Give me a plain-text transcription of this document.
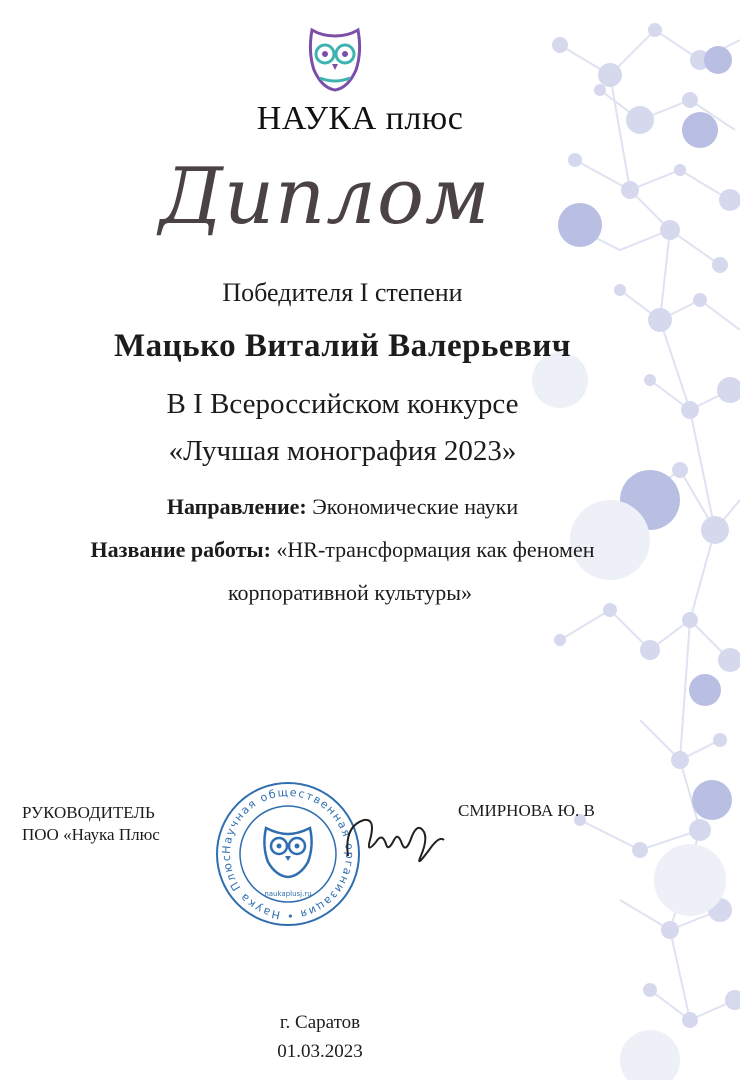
НАУКА плюс
Диплом
Победителя I степени
Мацько Виталий Валерьевич
В I Всероссийском конкурсе
«Лучшая монография 2023»
Направление: Экономические науки
Название работы: «HR-трансформация как феномен
корпоративной культуры»
РУКОВОДИТЕЛЬ
ПОО «Наука Плюс
СМИРНОВА Ю. В
Научная общественная организация • Наука Плюс
naukaplusj.ru
г. Саратов
01.03.2023
